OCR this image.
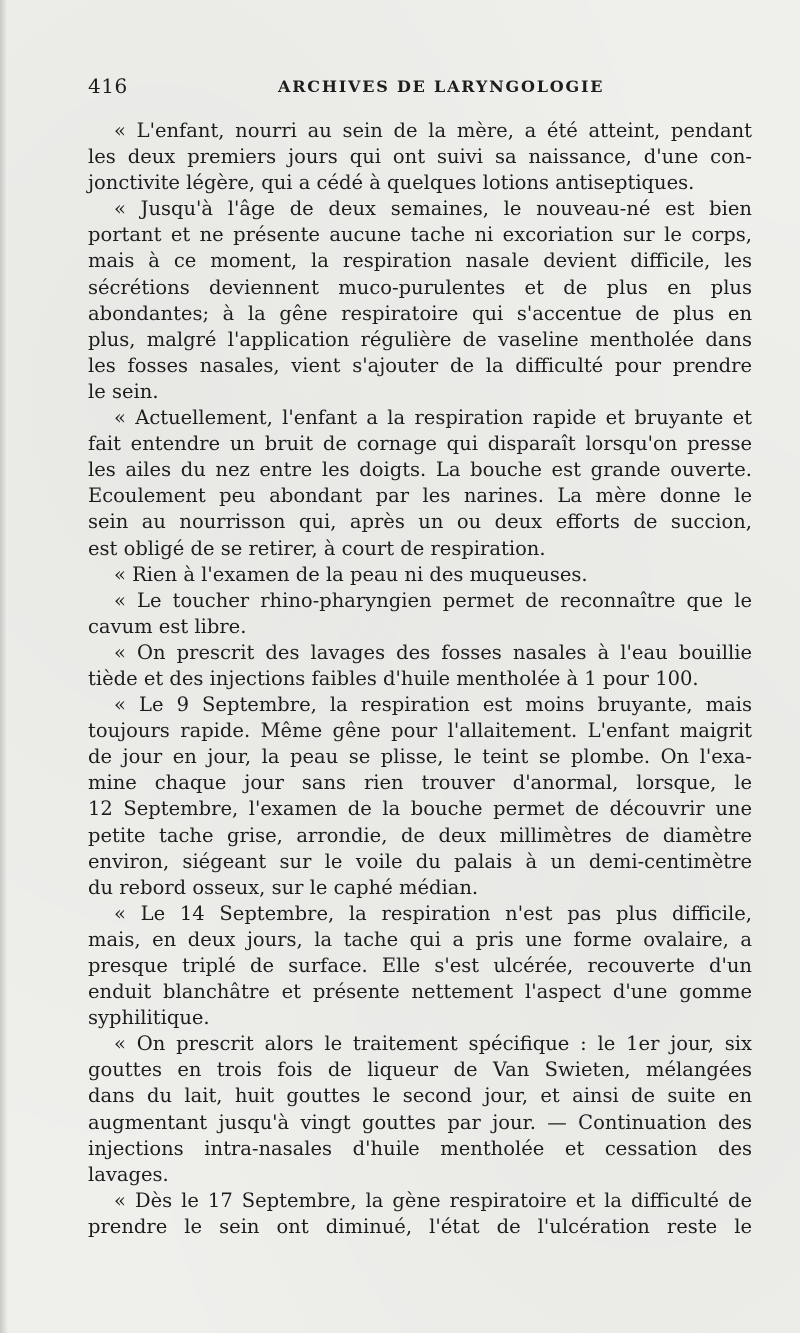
416	ARCHIVES DE LARYNGOLOGIE
« L'enfant, nourri au sein de la mère, a été atteint, pendant
les deux premiers jours qui ont suivi sa naissance, d'une con-
jonctivite légère, qui a cédé à quelques lotions antiseptiques.
« Jusqu'à l'âge de deux semaines, le nouveau-né est bien
portant et ne présente aucune tache ni excoriation sur le corps,
mais à ce moment, la respiration nasale devient difficile, les
sécrétions deviennent muco-purulentes et de plus en plus
abondantes; à la gêne respiratoire qui s'accentue de plus en
plus, malgré l'application régulière de vaseline mentholée dans
les fosses nasales, vient s'ajouter de la difficulté pour prendre
le sein.
« Actuellement, l'enfant a la respiration rapide et bruyante et
fait entendre un bruit de cornage qui disparaît lorsqu'on presse
les ailes du nez entre les doigts. La bouche est grande ouverte.
Ecoulement peu abondant par les narines. La mère donne le
sein au nourrisson qui, après un ou deux efforts de succion,
est obligé de se retirer, à court de respiration.
« Rien à l'examen de la peau ni des muqueuses.
« Le toucher rhino-pharyngien permet de reconnaître que le
cavum est libre.
« On prescrit des lavages des fosses nasales à l'eau bouillie
tiède et des injections faibles d'huile mentholée à 1 pour 100.
« Le 9 Septembre, la respiration est moins bruyante, mais
toujours rapide. Même gêne pour l'allaitement. L'enfant maigrit
de jour en jour, la peau se plisse, le teint se plombe. On l'exa-
mine chaque jour sans rien trouver d'anormal, lorsque, le
12 Septembre, l'examen de la bouche permet de découvrir une
petite tache grise, arrondie, de deux millimètres de diamètre
environ, siégeant sur le voile du palais à un demi-centimètre
du rebord osseux, sur le caphé médian.
« Le 14 Septembre, la respiration n'est pas plus difficile,
mais, en deux jours, la tache qui a pris une forme ovalaire, a
presque triplé de surface. Elle s'est ulcérée, recouverte d'un
enduit blanchâtre et présente nettement l'aspect d'une gomme
syphilitique.
« On prescrit alors le traitement spécifique : le 1er jour, six
gouttes en trois fois de liqueur de Van Swieten, mélangées
dans du lait, huit gouttes le second jour, et ainsi de suite en
augmentant jusqu'à vingt gouttes par jour. — Continuation des
injections intra-nasales d'huile mentholée et cessation des
lavages.
« Dès le 17 Septembre, la gène respiratoire et la difficulté de
prendre le sein ont diminué, l'état de l'ulcération reste le
